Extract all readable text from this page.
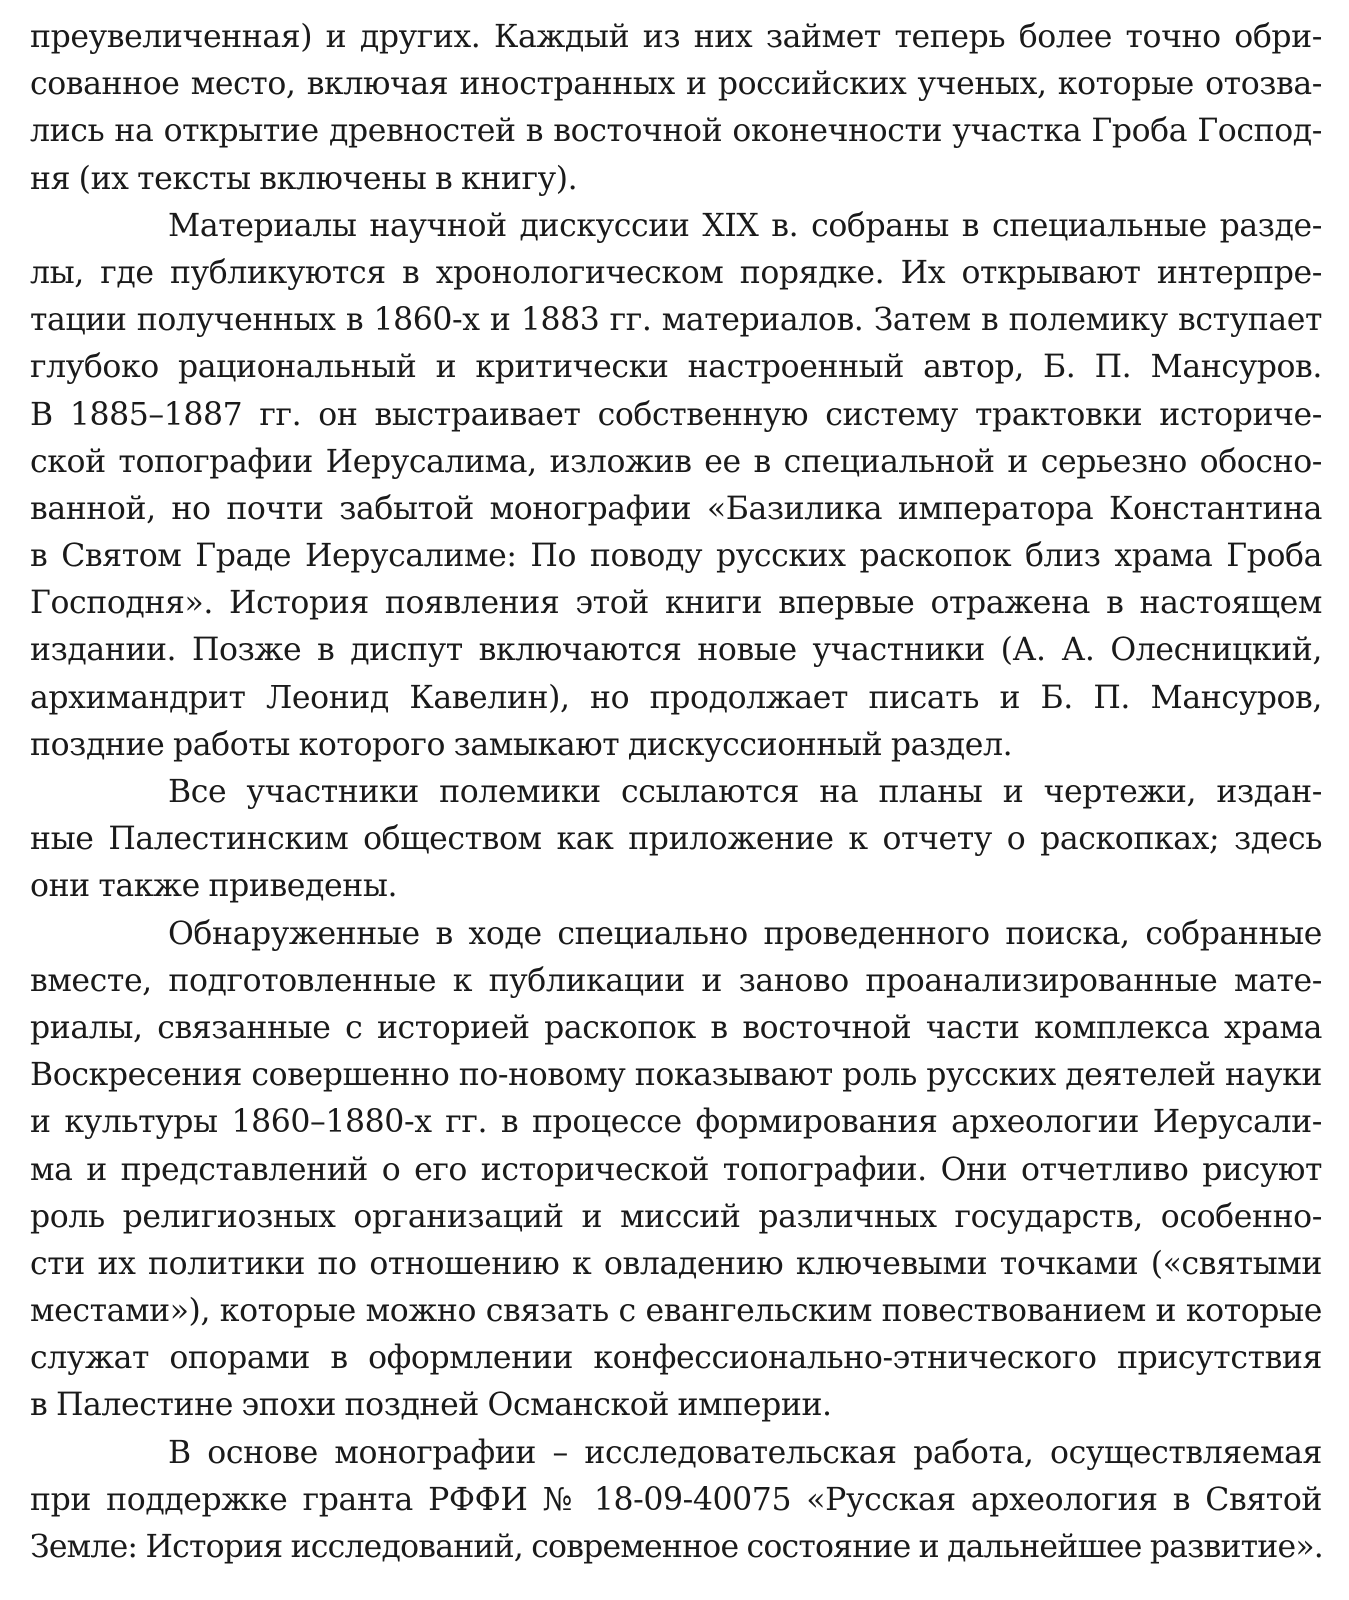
преувеличенная) и других. Каждый из них займет теперь более точно обри-
сованное место, включая иностранных и российских ученых, которые отозва-
лись на открытие древностей в восточной оконечности участка Гроба Господ-
ня (их тексты включены в книгу).
Материалы научной дискуссии XIX в. собраны в специальные разде-
лы, где публикуются в хронологическом порядке. Их открывают интерпре-
тации полученных в 1860-х и 1883 гг. материалов. Затем в полемику вступает
глубоко рациональный и критически настроенный автор, Б. П. Мансуров.
В 1885–1887 гг. он выстраивает собственную систему трактовки историче-
ской топографии Иерусалима, изложив ее в специальной и серьезно обосно-
ванной, но почти забытой монографии «Базилика императора Константина
в Святом Граде Иерусалиме: По поводу русских раскопок близ храма Гроба
Господня». История появления этой книги впервые отражена в настоящем
издании. Позже в диспут включаются новые участники (А. А. Олесницкий,
архимандрит Леонид Кавелин), но продолжает писать и Б. П. Мансуров,
поздние работы которого замыкают дискуссионный раздел.
Все участники полемики ссылаются на планы и чертежи, издан-
ные Палестинским обществом как приложение к отчету о раскопках; здесь
они также приведены.
Обнаруженные в ходе специально проведенного поиска, собранные
вместе, подготовленные к публикации и заново проанализированные мате-
риалы, связанные с историей раскопок в восточной части комплекса храма
Воскресения совершенно по-новому показывают роль русских деятелей науки
и культуры 1860–1880-х гг. в процессе формирования археологии Иерусали-
ма и представлений о его исторической топографии. Они отчетливо рисуют
роль религиозных организаций и миссий различных государств, особенно-
сти их политики по отношению к овладению ключевыми точками («святыми
местами»), которые можно связать с евангельским повествованием и которые
служат опорами в оформлении конфессионально-этнического присутствия
в Палестине эпохи поздней Османской империи.
В основе монографии – исследовательская работа, осуществляемая
при поддержке гранта РФФИ № 18-09-40075 «Русская археология в Святой
Земле: История исследований, современное состояние и дальнейшее развитие».
